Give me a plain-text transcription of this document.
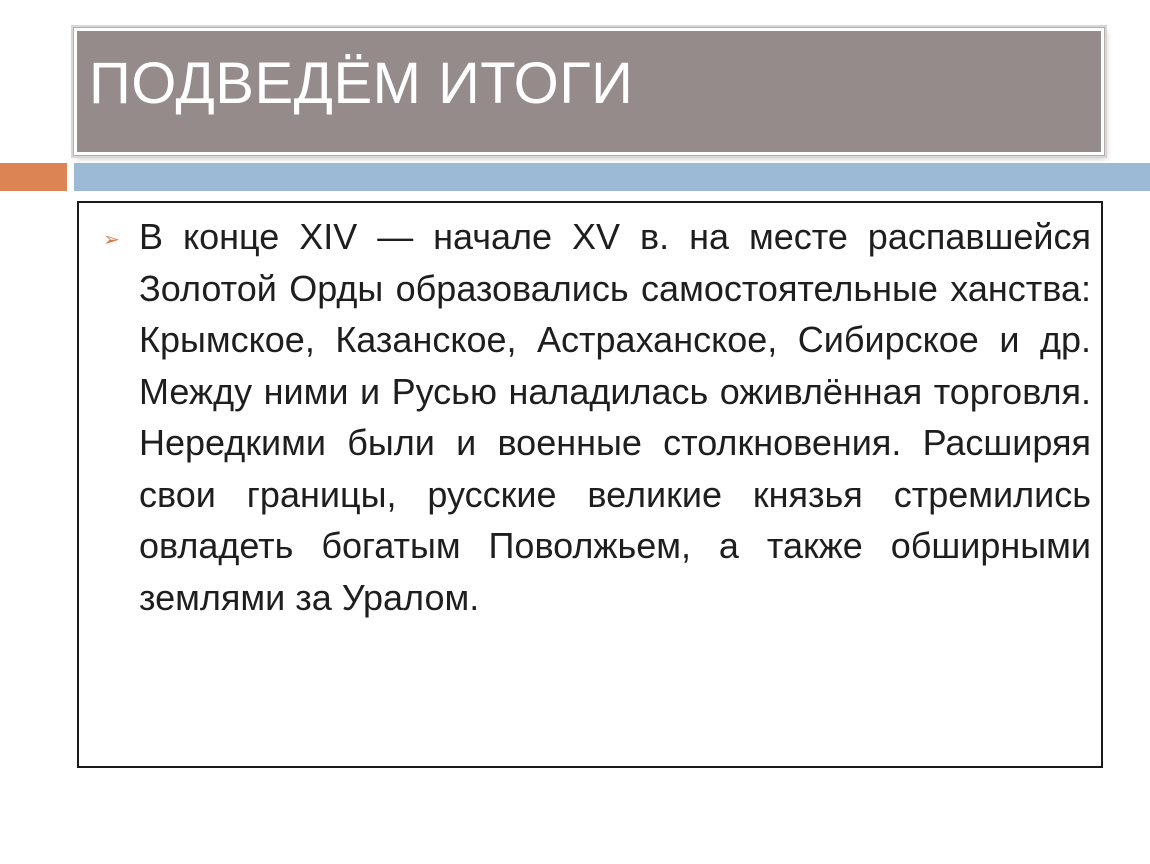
ПОДВЕДЁМ ИТОГИ
➢ В конце XIV — начале XV в. на месте распавшейся Золотой Орды образовались самостоятельные ханства: Крымское, Казанское, Астраханское, Сибирское и др. Между ними и Русью наладилась оживлённая торговля. Нередкими были и военные столкновения. Расширяя свои границы, русские великие князья стремились овладеть богатым Поволжьем, а также обширными землями за Уралом.
